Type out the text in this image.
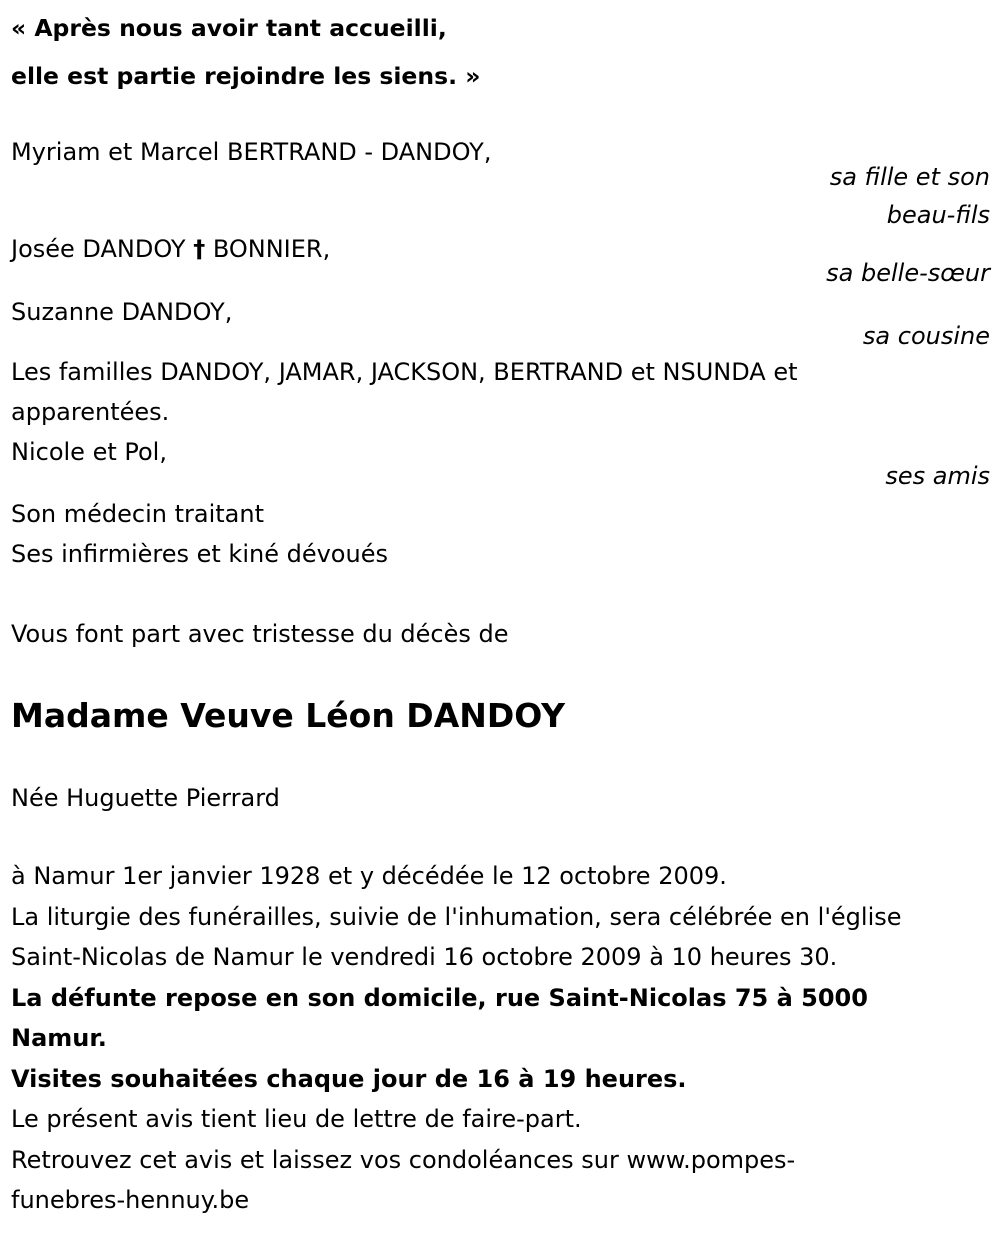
« Après nous avoir tant accueilli,
elle est partie rejoindre les siens. »
Myriam et Marcel BERTRAND - DANDOY,
sa fille et son
beau-fils
Josée DANDOY † BONNIER,
sa belle-sœur
Suzanne DANDOY,
sa cousine
Les familles DANDOY, JAMAR, JACKSON, BERTRAND et NSUNDA et
apparentées.
Nicole et Pol,
ses amis
Son médecin traitant
Ses infirmières et kiné dévoués
Vous font part avec tristesse du décès de
Madame Veuve Léon DANDOY
Née Huguette Pierrard
à Namur 1er janvier 1928 et y décédée le 12 octobre 2009.
La liturgie des funérailles, suivie de l'inhumation, sera célébrée en l'église
Saint-Nicolas de Namur le vendredi 16 octobre 2009 à 10 heures 30.
La défunte repose en son domicile, rue Saint-Nicolas 75 à 5000
Namur.
Visites souhaitées chaque jour de 16 à 19 heures.
Le présent avis tient lieu de lettre de faire-part.
Retrouvez cet avis et laissez vos condoléances sur www.pompes-
funebres-hennuy.be
